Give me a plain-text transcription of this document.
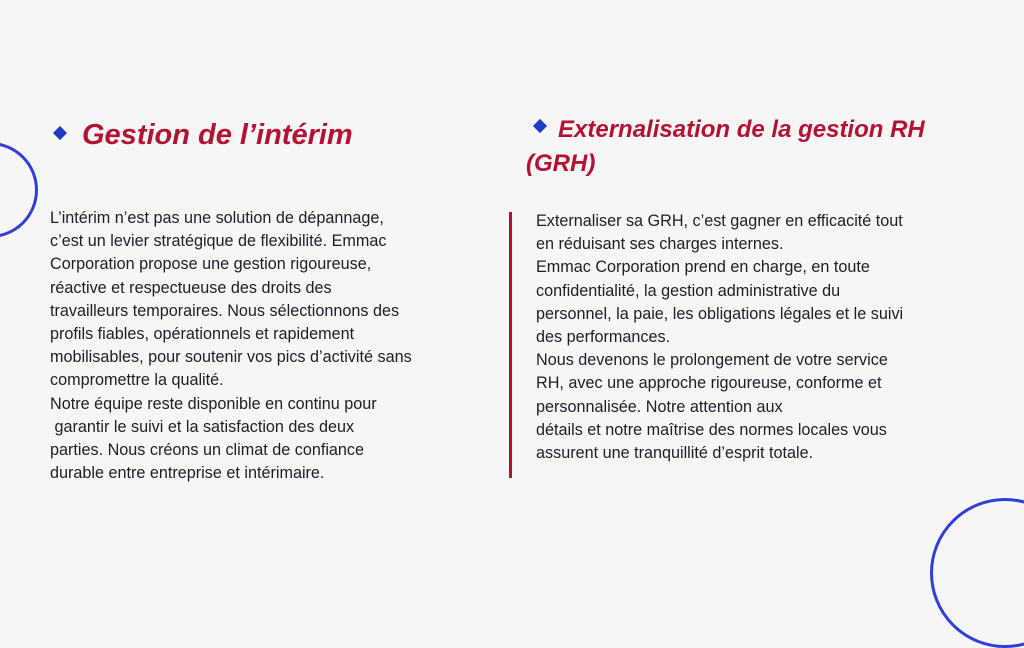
Gestion de l’intérim	Externalisation de la gestion RH (GRH)

L’intérim n’est pas une solution de dépannage,

c’est un levier stratégique de flexibilité. Emmac

Corporation propose une gestion rigoureuse,

réactive et respectueuse des droits des

travailleurs temporaires. Nous sélectionnons des

profils fiables, opérationnels et rapidement

mobilisables, pour soutenir vos pics d’activité sans

compromettre la qualité.

Notre équipe reste disponible en continu pour

garantir le suivi et la satisfaction des deux

parties. Nous créons un climat de confiance

durable entre entreprise et intérimaire.

Externaliser sa GRH, c’est gagner en efficacité tout

en réduisant ses charges internes.

Emmac Corporation prend en charge, en toute

confidentialité, la gestion administrative du

personnel, la paie, les obligations légales et le suivi

des performances.

Nous devenons le prolongement de votre service

RH, avec une approche rigoureuse, conforme et

personnalisée. Notre attention aux

détails et notre maîtrise des normes locales vous

assurent une tranquillité d’esprit totale.
